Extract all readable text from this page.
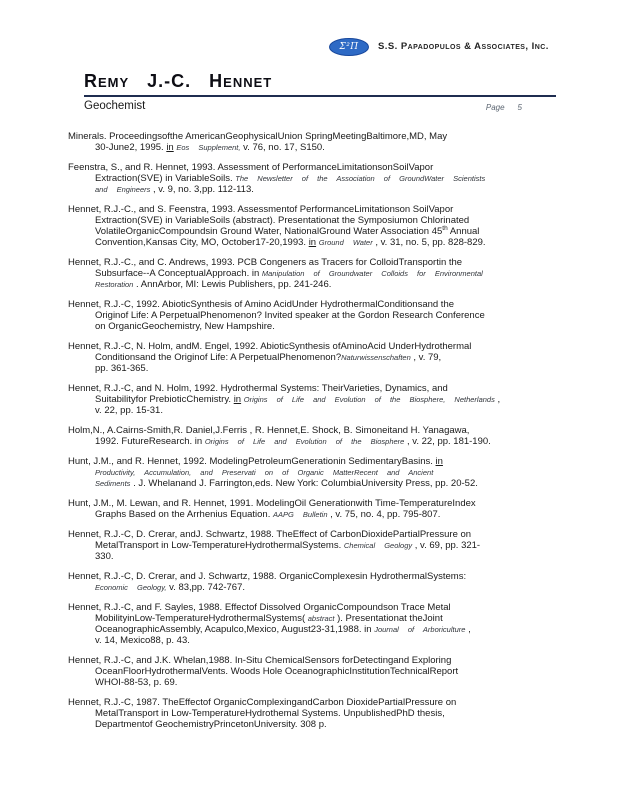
Σ²Π S.S. Papadopulos & Associates, Inc.
Remy J.-C. Hennet
Geochemist	Page 5

Minerals. Proceedingsofthe AmericanGeophysicalUnion SpringMeetingBaltimore,MD, May
30-June2, 1995. in Eos Supplement, v. 76, no. 17, S150.

Feenstra, S., and R. Hennet, 1993. Assessment of PerformanceLimitationsonSoilVapor
Extraction(SVE) in VariableSoils. The Newsletter of the Association of GroundWater Scientists
and Engineers , v. 9, no. 3,pp. 112-113.

Hennet, R.J.-C., and S. Feenstra, 1993. Assessmentof PerformanceLimitationson SoilVapor
Extraction(SVE) in VariableSoils (abstract). Presentationat the Symposiumon Chlorinated
VolatileOrganicCompoundsin Ground Water, NationalGround Water Association 45th Annual
Convention,Kansas City, MO, October17-20,1993. in Ground Water , v. 31, no. 5, pp. 828-829.

Hennet, R.J.-C., and C. Andrews, 1993. PCB Congeners as Tracers for ColloidTransportin the
Subsurface--A ConceptualApproach. in Manipulation of Groundwater Colloids for Environmental
Restoration . AnnArbor, MI: Lewis Publishers, pp. 241-246.

Hennet, R.J.-C, 1992. AbioticSynthesis of Amino AcidUnder HydrothermalConditionsand the
Originof Life: A PerpetualPhenomenon? Invited speaker at the Gordon Research Conference
on OrganicGeochemistry, New Hampshire.

Hennet, R.J.-C, N. Holm, andM. Engel, 1992. AbioticSynthesis ofAminoAcid UnderHydrothermal
Conditionsand the Originof Life: A PerpetualPhenomenon?Naturwissenschaften , v. 79,
pp. 361-365.

Hennet, R.J.-C, and N. Holm, 1992. Hydrothermal Systems: TheirVarieties, Dynamics, and
Suitabilityfor PrebioticChemistry. in Origins of Life and Evolution of the Biosphere, Netherlands ,
v. 22, pp. 15-31.

Holm,N., A.Cairns-Smith,R. Daniel,J.Ferris , R. Hennet,E. Shock, B. Simoneitand H. Yanagawa,
1992. FutureResearch. in Origins of Life and Evolution of the Biosphere , v. 22, pp. 181-190.

Hunt, J.M., and R. Hennet, 1992. ModelingPetroleumGenerationin SedimentaryBasins. in
Productivity, Accumulation, and Preservati on of Organic MatterRecent and Ancient
Sediments . J. Whelanand J. Farrington,eds. New York: ColumbiaUniversity Press, pp. 20-52.

Hunt, J.M., M. Lewan, and R. Hennet, 1991. ModelingOil Generationwith Time-TemperatureIndex
Graphs Based on the Arrhenius Equation. AAPG Bulletin , v. 75, no. 4, pp. 795-807.

Hennet, R.J.-C, D. Crerar, andJ. Schwartz, 1988. TheEffect of CarbonDioxidePartialPressure on
MetalTransport in Low-TemperatureHydrothermalSystems. Chemical Geology , v. 69, pp. 321-
330.

Hennet, R.J.-C, D. Crerar, and J. Schwartz, 1988. OrganicComplexesin HydrothermalSystems:
Economic Geology, v. 83,pp. 742-767.

Hennet, R.J.-C, and F. Sayles, 1988. Effectof Dissolved OrganicCompoundson Trace Metal
MobilityinLow-TemperatureHydrothermalSystems( abstract ). Presentationat theJoint
OceanographicAssembly, Acapulco,Mexico, August23-31,1988. in Journal of Arboriculture ,
v. 14, Mexico88, p. 43.

Hennet, R.J.-C, and J.K. Whelan,1988. In-Situ ChemicalSensors forDetectingand Exploring
OceanFloorHydrothermalVents. Woods Hole OceanographicInstitutionTechnicalReport
WHOI-88-53, p. 69.

Hennet, R.J.-C, 1987. TheEffectof OrganicComplexingandCarbon DioxidePartialPressure on
MetalTransport in Low-TemperatureHydrothemal Systems. UnpublishedPhD thesis,
Departmentof GeochemistryPrincetonUniversity. 308 p.
